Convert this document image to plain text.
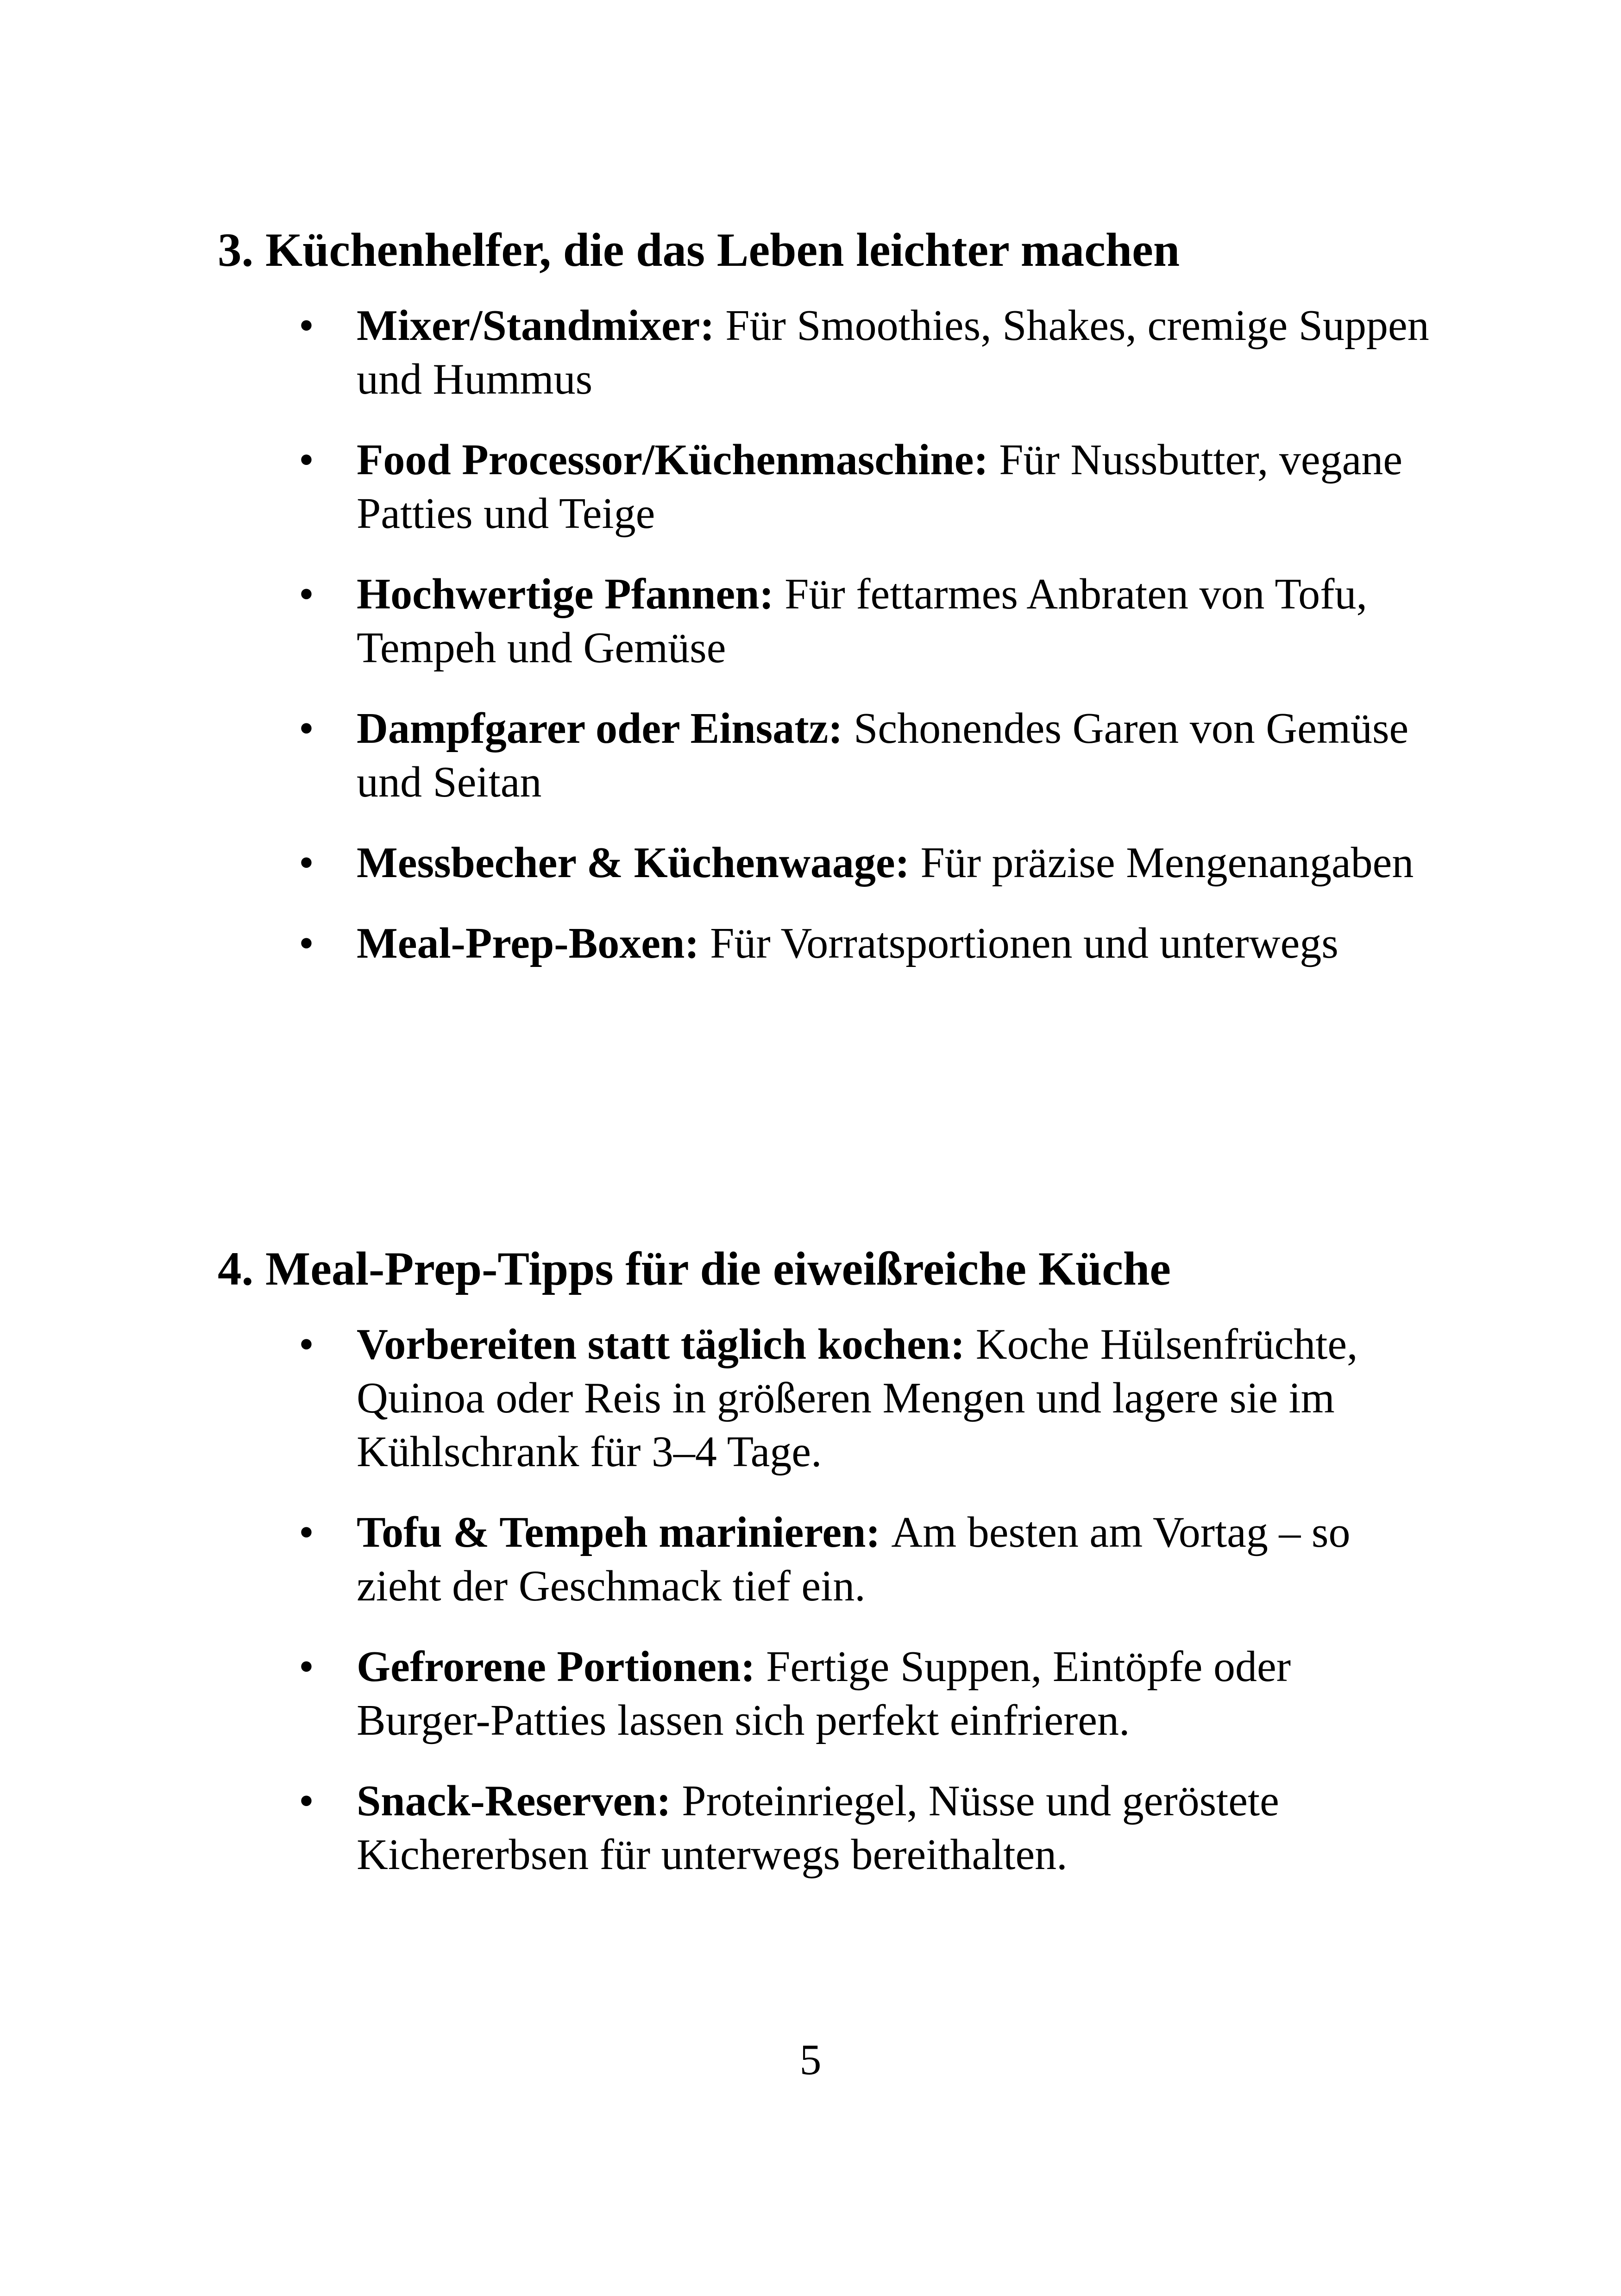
3. Küchenhelfer, die das Leben leichter machen
• Mixer/Standmixer: Für Smoothies, Shakes, cremige Suppen und Hummus
• Food Processor/Küchenmaschine: Für Nussbutter, vegane Patties und Teige
• Hochwertige Pfannen: Für fettarmes Anbraten von Tofu, Tempeh und Gemüse
• Dampfgarer oder Einsatz: Schonendes Garen von Gemüse und Seitan
• Messbecher & Küchenwaage: Für präzise Mengenangaben
• Meal-Prep-Boxen: Für Vorratsportionen und unterwegs
4. Meal-Prep-Tipps für die eiweißreiche Küche
• Vorbereiten statt täglich kochen: Koche Hülsenfrüchte, Quinoa oder Reis in größeren Mengen und lagere sie im Kühlschrank für 3–4 Tage.
• Tofu & Tempeh marinieren: Am besten am Vortag – so zieht der Geschmack tief ein.
• Gefrorene Portionen: Fertige Suppen, Eintöpfe oder Burger-Patties lassen sich perfekt einfrieren.
• Snack-Reserven: Proteinriegel, Nüsse und geröstete Kichererbsen für unterwegs bereithalten.
5
